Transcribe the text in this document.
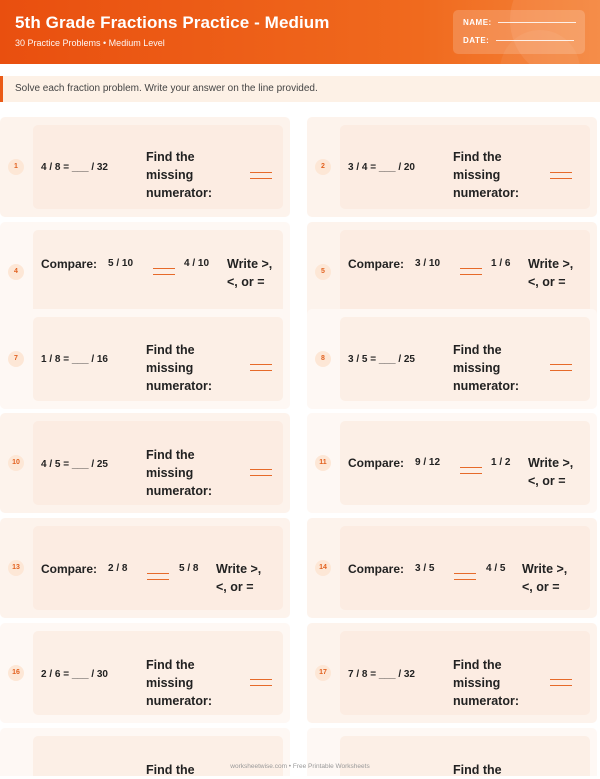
5th Grade Fractions Practice - Medium
30 Practice Problems • Medium Level
NAME:
DATE:
Solve each fraction problem. Write your answer on the line provided.
1	4 / 8 = ___ / 32
Find the
missing
numerator:
2	3 / 4 = ___ / 20
Find the
missing
numerator:
4
Compare: 5 / 10	4 / 10 Write >,
<, or =
5
Compare: 3 / 10	1 / 6 Write >,
<, or =
7	1 / 8 = ___ / 16
Find the
missing
numerator:
8	3 / 5 = ___ / 25
Find the
missing
numerator:
10	4 / 5 = ___ / 25
Find the
missing
numerator:
11	Compare: 9 / 12	1 / 2 Write >,
<, or =
13	Compare: 2 / 8	5 / 8 Write >,
<, or =
14	Compare: 3 / 5	4 / 5 Write >,
<, or =
16	2 / 6 = ___ / 30
Find the
missing
numerator:
17	7 / 8 = ___ / 32
Find the
missing
numerator:
Find the	Find the
worksheetwise.com • Free Printable Worksheets
